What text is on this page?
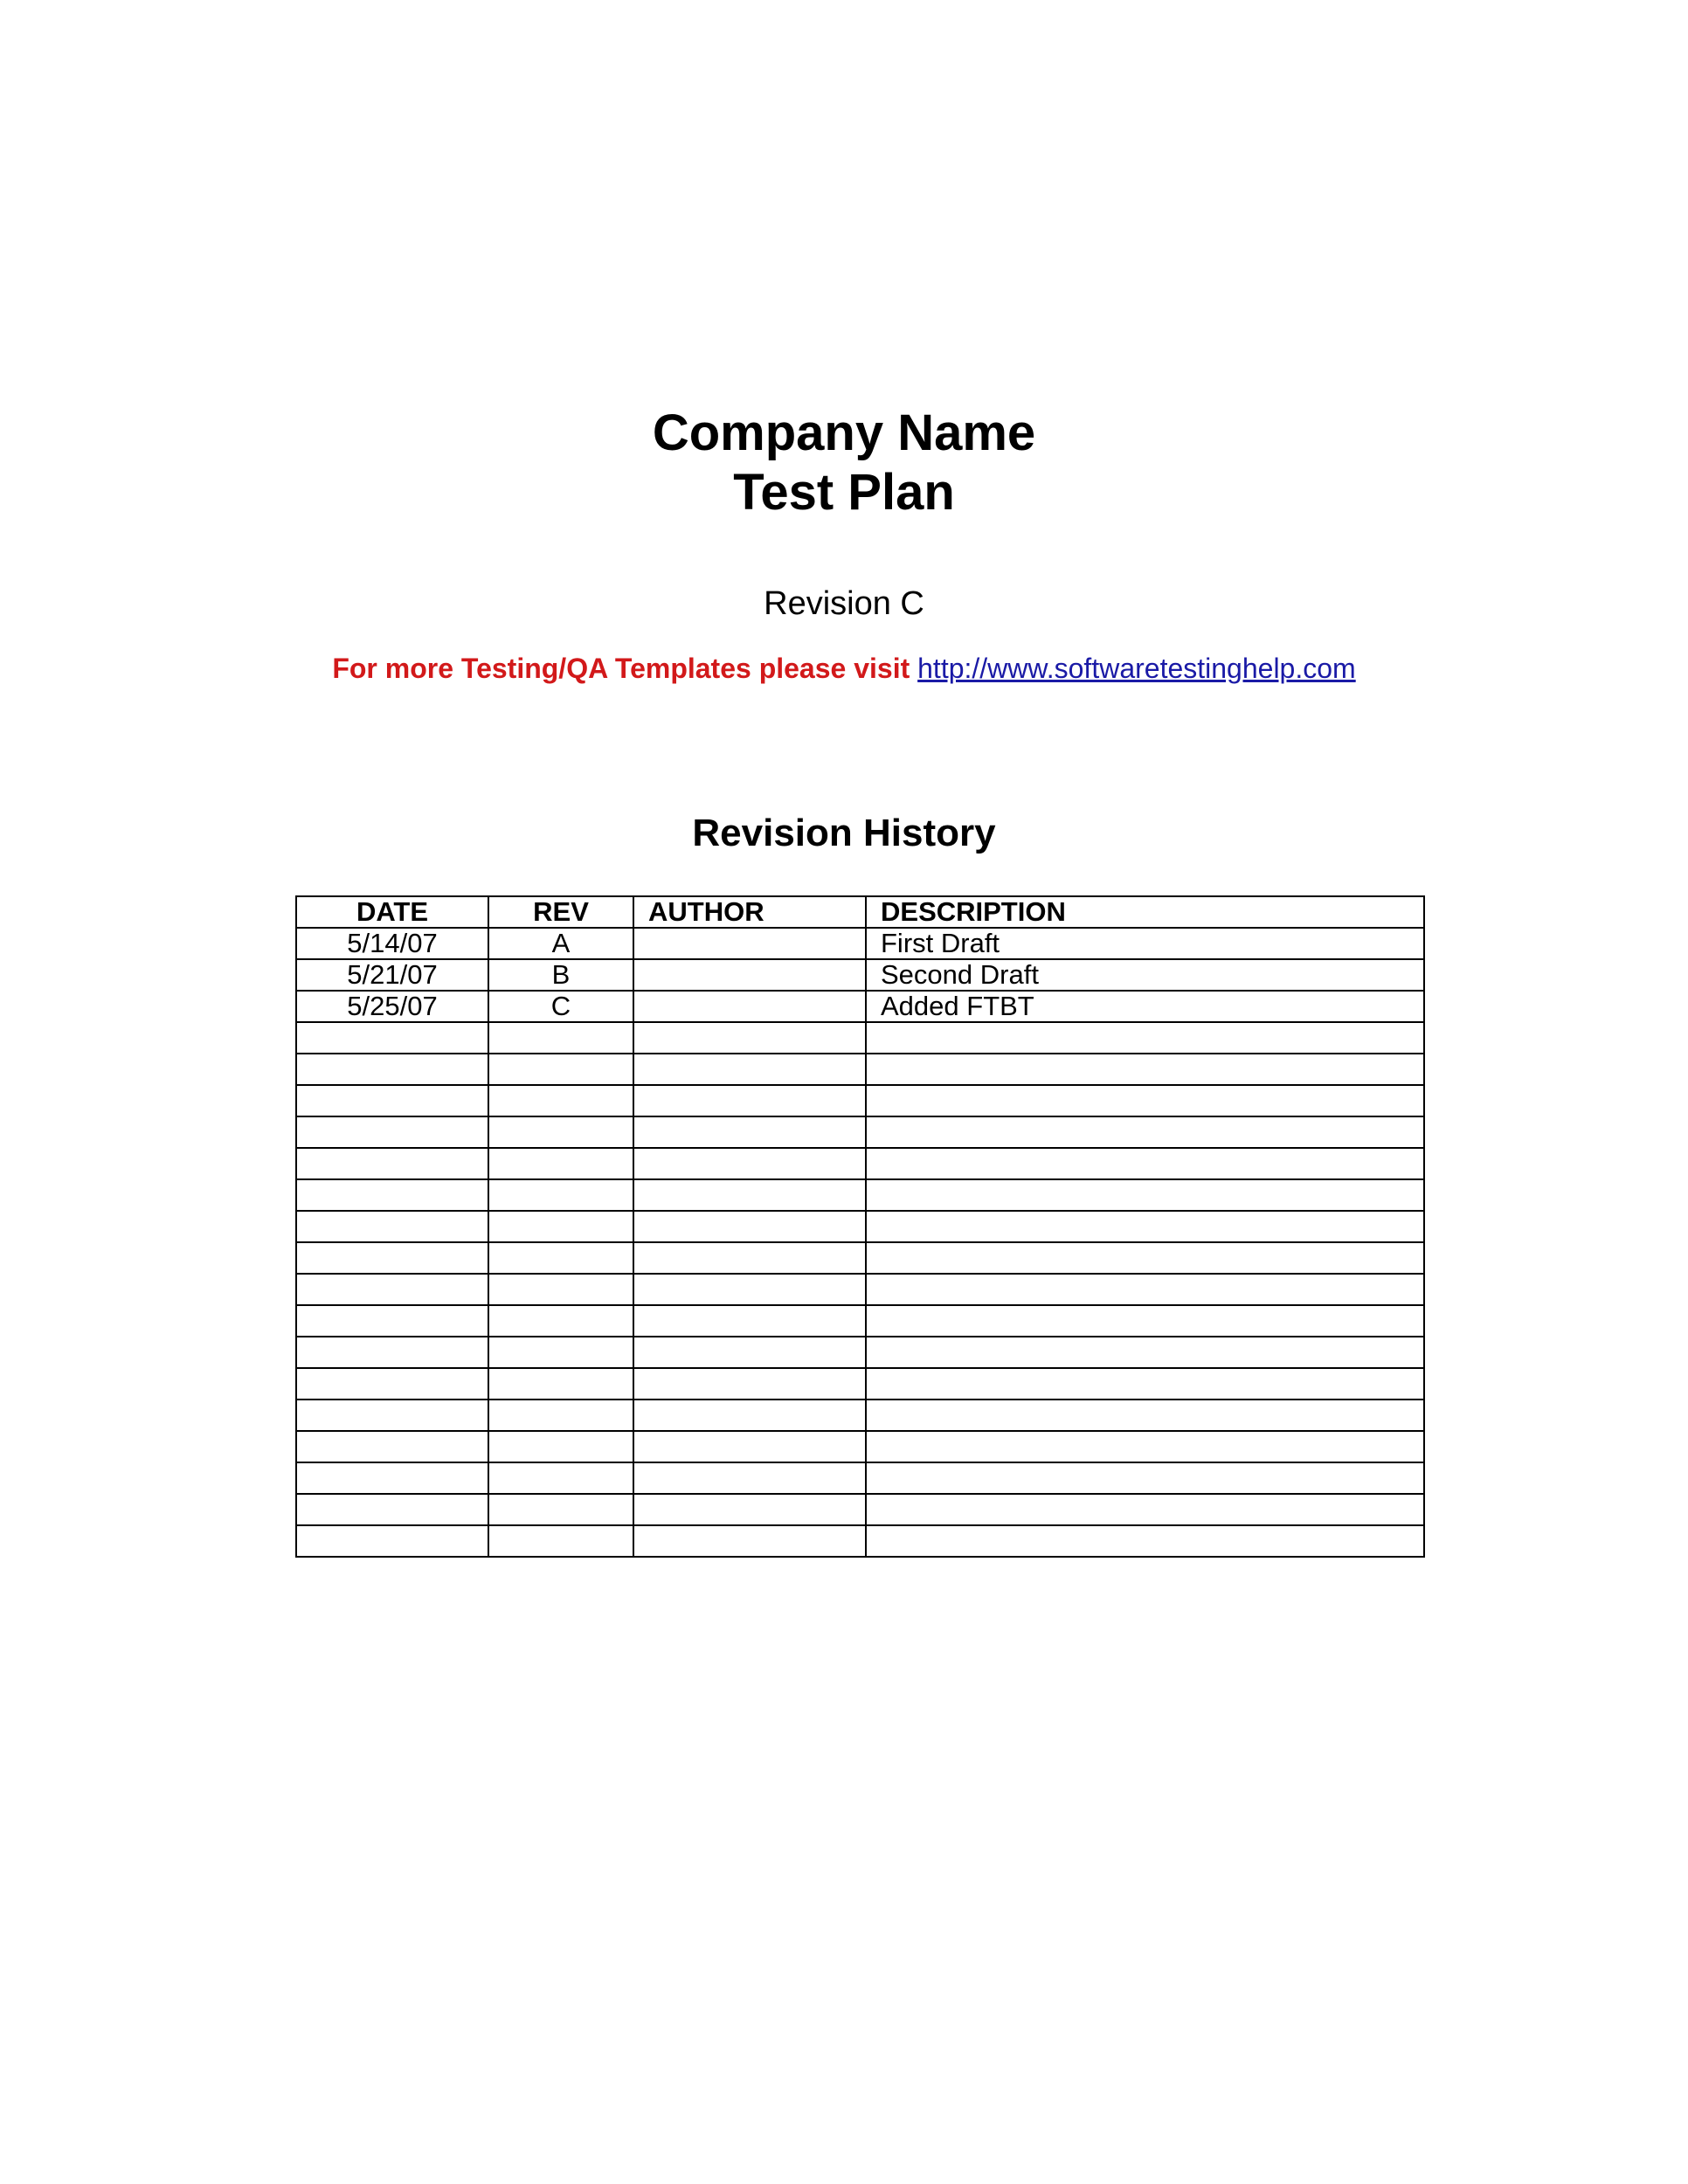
Company Name
Test Plan
Revision C
For more Testing/QA Templates please visit http://www.softwaretestinghelp.com
Revision History
DATE	REV	AUTHOR	DESCRIPTION
5/14/07	A		First Draft
5/21/07	B		Second Draft
5/25/07	C		Added FTBT
